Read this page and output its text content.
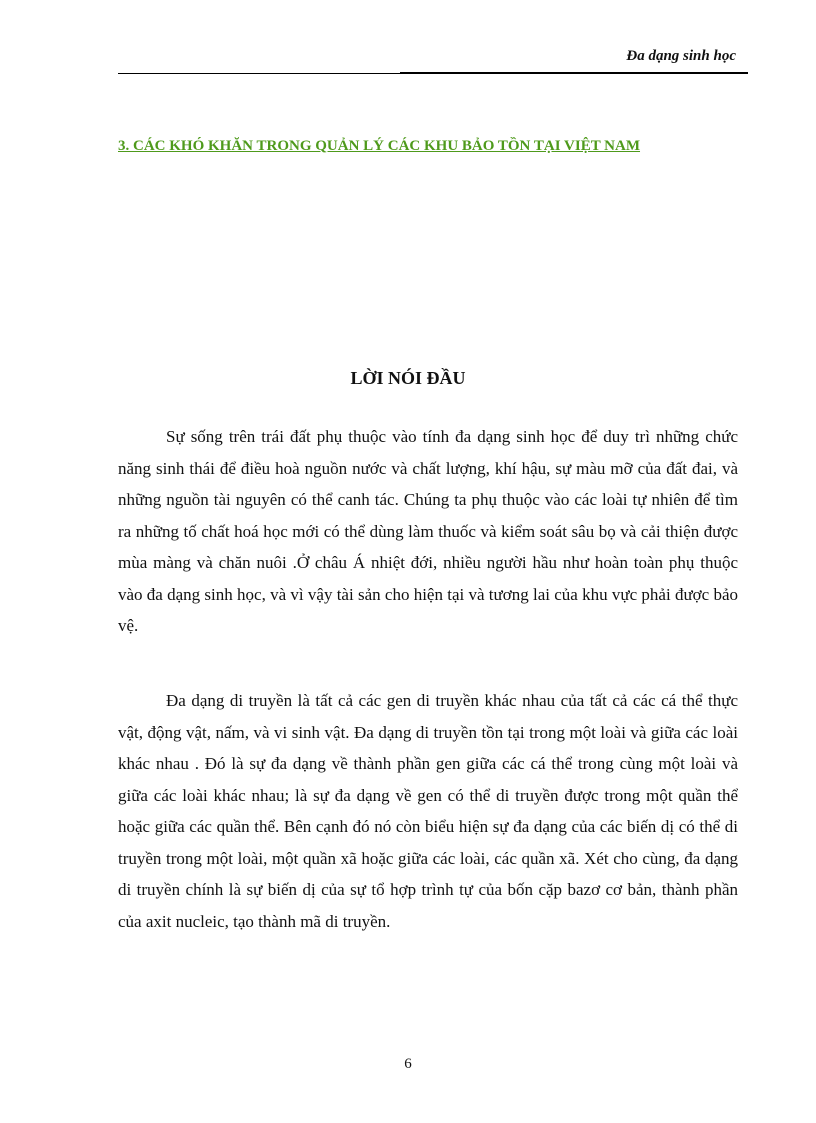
Đa dạng sinh học
3. CÁC KHÓ KHĂN TRONG QUẢN LÝ CÁC KHU BẢO TỒN TẠI VIỆT NAM
LỜI NÓI ĐẦU

Sự sống trên trái đất phụ thuộc vào tính đa dạng sinh học để duy trì những chức năng sinh thái để điều hoà nguồn nước và chất lượng, khí hậu, sự màu mỡ của đất đai, và những nguồn tài nguyên có thể canh tác. Chúng ta phụ thuộc vào các loài tự nhiên để tìm ra những tố chất hoá học mới có thể dùng làm thuốc và kiểm soát sâu bọ và cải thiện được mùa màng và chăn nuôi .Ở châu Á nhiệt đới, nhiều người hầu như hoàn toàn phụ thuộc vào đa dạng sinh học, và vì vậy tài sản cho hiện tại và tương lai của khu vực phải được bảo vệ.

Đa dạng di truyền là tất cả các gen di truyền khác nhau của tất cả các cá thể thực vật, động vật, nấm, và vi sinh vật. Đa dạng di truyền tồn tại trong một loài và giữa các loài khác nhau . Đó là sự đa dạng về thành phần gen giữa các cá thể trong cùng một loài và giữa các loài khác nhau; là sự đa dạng về gen có thể di truyền được trong một quần thể hoặc giữa các quần thể. Bên cạnh đó nó còn biểu hiện sự đa dạng của các biến dị có thể di truyền trong một loài, một quần xã hoặc giữa các loài, các quần xã. Xét cho cùng, đa dạng di truyền chính là sự biến dị của sự tổ hợp trình tự của bốn cặp bazơ cơ bản, thành phần của axit nucleic, tạo thành mã di truyền.

6
